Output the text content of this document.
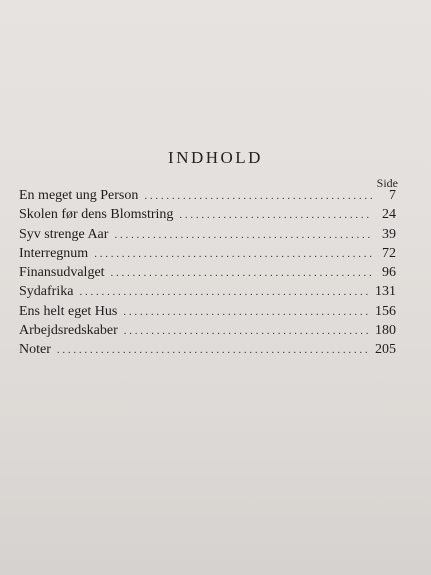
INDHOLD
Side
En meget ung Person . . .	7
Skolen før dens Blomstring . . .	24
Syv strenge Aar . . .	39
Interregnum . . .	72
Finansudvalget . . .	96
Sydafrika . . .	131
Ens helt eget Hus . . .	156
Arbejdsredskaber . . .	180
Noter . . .	205
